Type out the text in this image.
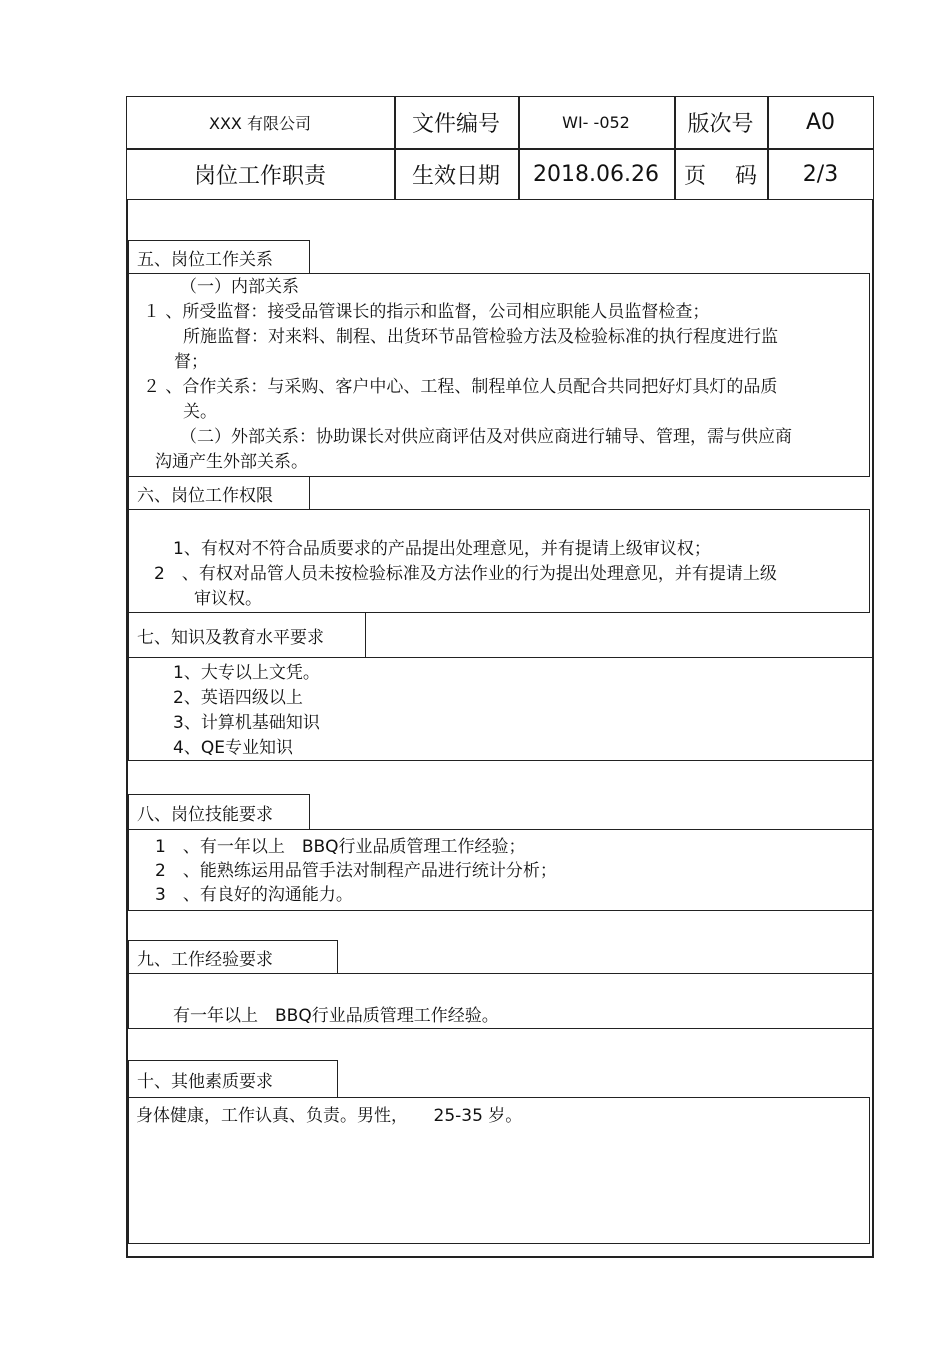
XXX 有限公司	文件编号	WI- -052	版次号	A0
岗位工作职责	生效日期	2018.06.26	页　 码	2/3
五、岗位工作关系
（一）内部关系
１ 、所受监督：接受品管课长的指示和监督，公司相应职能人员监督检查；
所施监督：对来料、制程、出货环节品管检验方法及检验标准的执行程度进行监
督；
２ 、合作关系：与采购、客户中心、工程、制程单位人员配合共同把好灯具灯的品质
关。
（二）外部关系：协助课长对供应商评估及对供应商进行辅导、管理，需与供应商
沟通产生外部关系。
六、岗位工作权限
1、有权对不符合品质要求的产品提出处理意见，并有提请上级审议权；
2　、有权对品管人员未按检验标准及方法作业的行为提出处理意见，并有提请上级
审议权。
七、知识及教育水平要求
1、大专以上文凭。
2、英语四级以上
3、计算机基础知识
4、QE专业知识
八、岗位技能要求
1　、有一年以上　BBQ行业品质管理工作经验；
2　、能熟练运用品管手法对制程产品进行统计分析；
3　、有良好的沟通能力。
九、工作经验要求
有一年以上　BBQ行业品质管理工作经验。
十、其他素质要求
身体健康，工作认真、负责。男性，　　25-35 岁。
